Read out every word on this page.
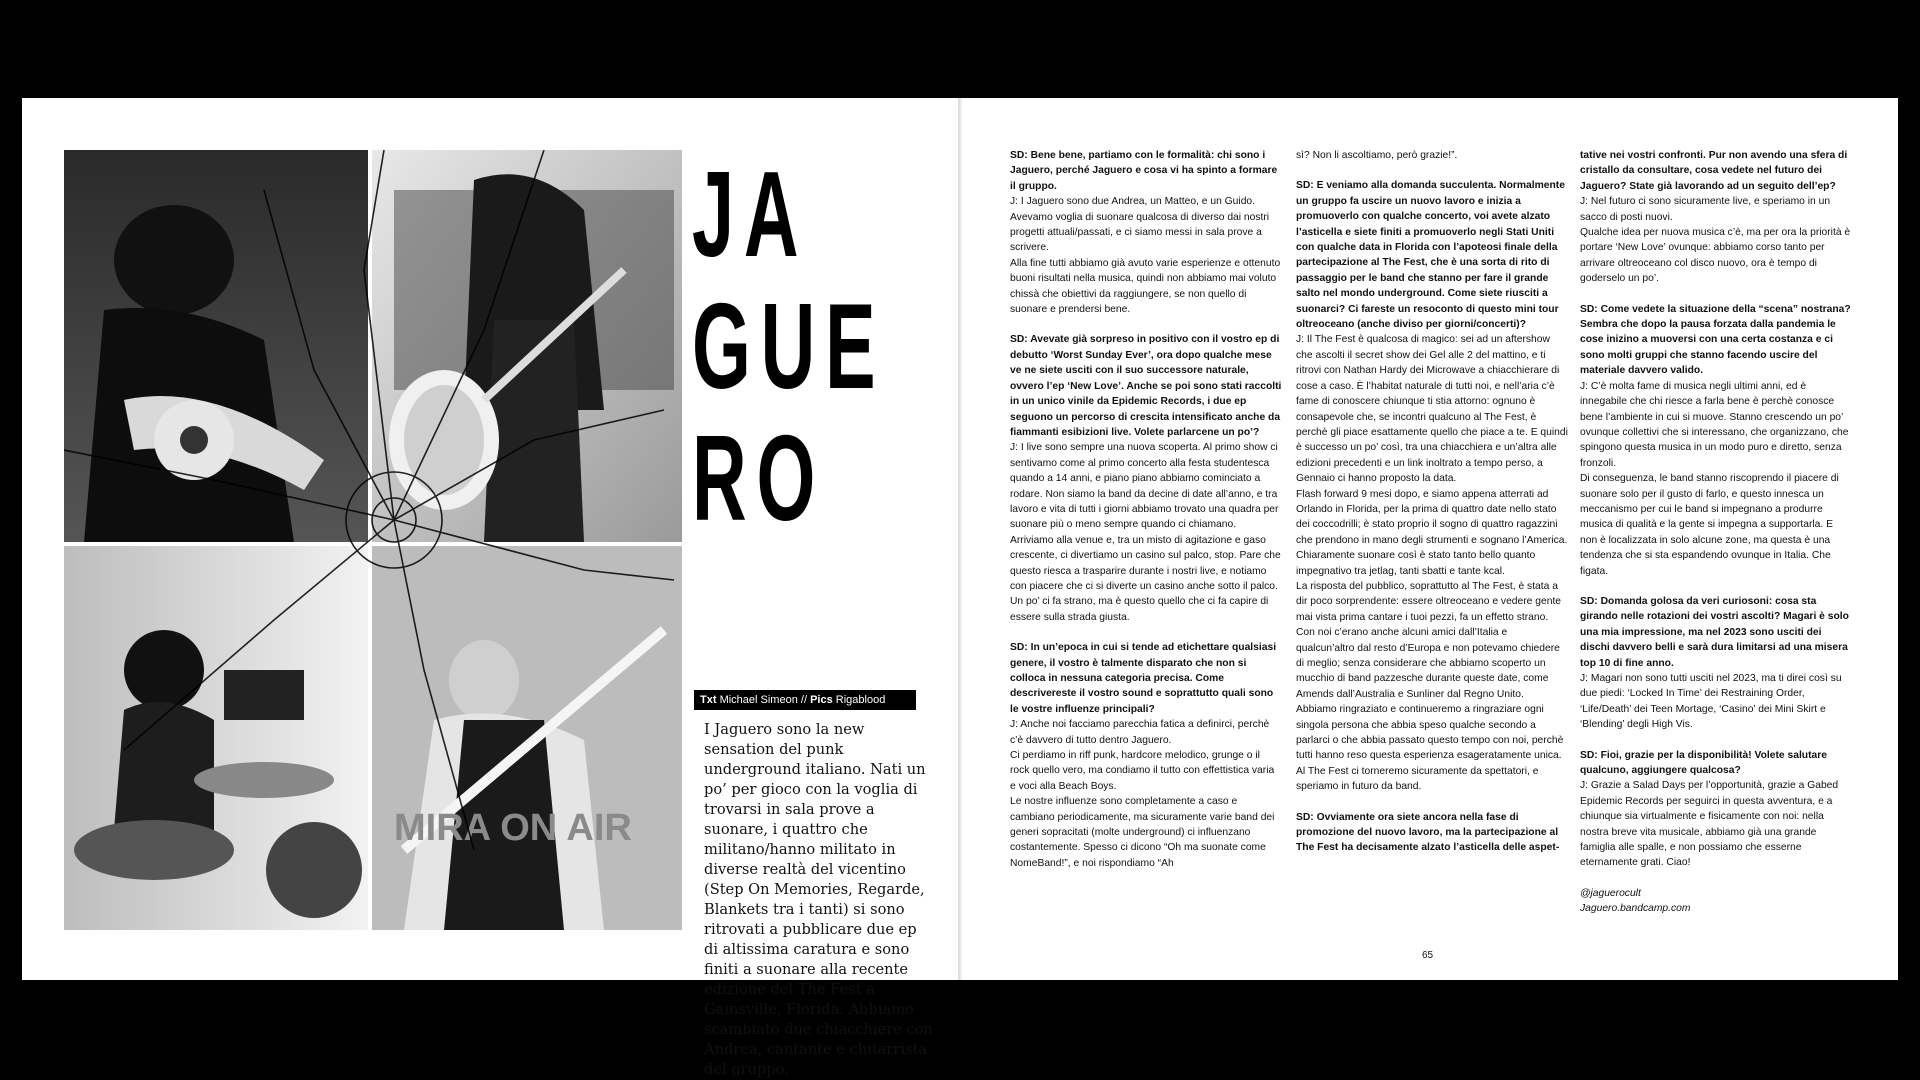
MIRA ON AIR
JA
GUE
RO
Txt Michael Simeon // Pics Rigablood
I Jaguero sono la new sensation del punk underground italiano. Nati un po’ per gioco con la voglia di trovarsi in sala prove a suonare, i quattro che militano/hanno militato in diverse realtà del vicentino (Step On Memories, Regarde, Blankets tra i tanti) si sono ritrovati a pubblicare due ep di altissima caratura e sono finiti a suonare alla recente edizione del The Fest a Gainsville, Florida. Abbiamo scambiato due chiacchiere con Andrea, cantante e chitarrista del gruppo.

SD: Bene bene, partiamo con le formalità: chi sono i Jaguero, perché Jaguero e cosa vi ha spinto a formare il gruppo.

J: I Jaguero sono due Andrea, un Matteo, e un Guido. Avevamo voglia di suonare qualcosa di diverso dai nostri progetti attuali/passati, e ci siamo messi in sala prove a scrivere.

Alla fine tutti abbiamo già avuto varie esperienze e ottenuto buoni risultati nella musica, quindi non abbiamo mai voluto chissà che obiettivi da raggiungere, se non quello di suonare e prendersi bene.

SD: Avevate già sorpreso in positivo con il vostro ep di debutto ‘Worst Sunday Ever’, ora dopo qualche mese ve ne siete usciti con il suo successore naturale, ovvero l’ep ‘New Love’. Anche se poi sono stati raccolti in un unico vinile da Epidemic Records, i due ep seguono un percorso di crescita intensificato anche da fiammanti esibizioni live. Volete parlarcene un po’?

J: I live sono sempre una nuova scoperta. Al primo show ci sentivamo come al primo concerto alla festa studentesca quando a 14 anni, e piano piano abbiamo cominciato a rodare. Non siamo la band da decine di date all’anno, e tra lavoro e vita di tutti i giorni abbiamo trovato una quadra per suonare più o meno sempre quando ci chiamano.

Arriviamo alla venue e, tra un misto di agitazione e gaso crescente, ci divertiamo un casino sul palco, stop. Pare che questo riesca a trasparire durante i nostri live, e notiamo con piacere che ci si diverte un casino anche sotto il palco. Un po’ ci fa strano, ma è questo quello che ci fa capire di essere sulla strada giusta.

SD: In un’epoca in cui si tende ad etichettare qualsiasi genere, il vostro è talmente disparato che non si colloca in nessuna categoria precisa. Come descrivereste il vostro sound e soprattutto quali sono le vostre influenze principali?

J: Anche noi facciamo parecchia fatica a definirci, perchè c’è davvero di tutto dentro Jaguero.

Ci perdiamo in riff punk, hardcore melodico, grunge o il rock quello vero, ma condiamo il tutto con effettistica varia e voci alla Beach Boys.

Le nostre influenze sono completamente a caso e cambiano periodicamente, ma sicuramente varie band dei generi sopracitati (molte underground) ci influenzano costantemente. Spesso ci dicono “Oh ma suonate come NomeBand!”, e noi rispondiamo “Ah

sì? Non li ascoltiamo, però grazie!”.

SD: E veniamo alla domanda succulenta. Normalmente un gruppo fa uscire un nuovo lavoro e inizia a promuoverlo con qualche concerto, voi avete alzato l’asticella e siete finiti a promuoverlo negli Stati Uniti con qualche data in Florida con l’apoteosi finale della partecipazione al The Fest, che è una sorta di rito di passaggio per le band che stanno per fare il grande salto nel mondo underground. Come siete riusciti a suonarci? Ci fareste un resoconto di questo mini tour oltreoceano (anche diviso per giorni/concerti)?

J: Il The Fest è qualcosa di magico: sei ad un aftershow che ascolti il secret show dei Gel alle 2 del mattino, e ti ritrovi con Nathan Hardy dei Microwave a chiacchierare di cose a caso. È l’habitat naturale di tutti noi, e nell’aria c’è fame di conoscere chiunque ti stia attorno: ognuno è consapevole che, se incontri qualcuno al The Fest, è perchè gli piace esattamente quello che piace a te. E quindi è successo un po’ così, tra una chiacchiera e un’altra alle edizioni precedenti e un link inoltrato a tempo perso, a Gennaio ci hanno proposto la data.

Flash forward 9 mesi dopo, e siamo appena atterrati ad Orlando in Florida, per la prima di quattro date nello stato dei coccodrilli; è stato proprio il sogno di quattro ragazzini che prendono in mano degli strumenti e sognano l’America. Chiaramente suonare così è stato tanto bello quanto impegnativo tra jetlag, tanti sbatti e tante kcal.

La risposta del pubblico, soprattutto al The Fest, è stata a dir poco sorprendente: essere oltreoceano e vedere gente mai vista prima cantare i tuoi pezzi, fa un effetto strano. Con noi c’erano anche alcuni amici dall’Italia e qualcun’altro dal resto d’Europa e non potevamo chiedere di meglio; senza considerare che abbiamo scoperto un mucchio di band pazzesche durante queste date, come Amends dall’Australia e Sunliner dal Regno Unito.

Abbiamo ringraziato e continueremo a ringraziare ogni singola persona che abbia speso qualche secondo a parlarci o che abbia passato questo tempo con noi, perchè tutti hanno reso questa esperienza esageratamente unica. Al The Fest ci torneremo sicuramente da spettatori, e speriamo in futuro da band.

SD: Ovviamente ora siete ancora nella fase di promozione del nuovo lavoro, ma la partecipazione al The Fest ha decisamente alzato l’asticella delle aspet-

tative nei vostri confronti. Pur non avendo una sfera di cristallo da consultare, cosa vedete nel futuro dei Jaguero? State già lavorando ad un seguito dell’ep?

J: Nel futuro ci sono sicuramente live, e speriamo in un sacco di posti nuovi.

Qualche idea per nuova musica c’è, ma per ora la priorità è portare ‘New Love’ ovunque: abbiamo corso tanto per arrivare oltreoceano col disco nuovo, ora è tempo di goderselo un po’.

SD: Come vedete la situazione della “scena” nostrana? Sembra che dopo la pausa forzata dalla pandemia le cose inizino a muoversi con una certa costanza e ci sono molti gruppi che stanno facendo uscire del materiale davvero valido.

J: C’è molta fame di musica negli ultimi anni, ed è innegabile che chi riesce a farla bene è perchè conosce bene l’ambiente in cui si muove. Stanno crescendo un po’ ovunque collettivi che si interessano, che organizzano, che spingono questa musica in un modo puro e diretto, senza fronzoli.

Di conseguenza, le band stanno riscoprendo il piacere di suonare solo per il gusto di farlo, e questo innesca un meccanismo per cui le band si impegnano a produrre musica di qualità e la gente si impegna a supportarla. E non è localizzata in solo alcune zone, ma questa è una tendenza che si sta espandendo ovunque in Italia. Che figata.

SD: Domanda golosa da veri curiosoni: cosa sta girando nelle rotazioni dei vostri ascolti? Magari è solo una mia impressione, ma nel 2023 sono usciti dei dischi davvero belli e sarà dura limitarsi ad una misera top 10 di fine anno.

J: Magari non sono tutti usciti nel 2023, ma ti direi così su due piedi: ‘Locked In Time’ dei Restraining Order, ‘Life/Death’ dei Teen Mortage, ‘Casino’ dei Mini Skirt e ‘Blending’ degli High Vis.

SD: Fioi, grazie per la disponibilità! Volete salutare qualcuno, aggiungere qualcosa?

J: Grazie a Salad Days per l’opportunità, grazie a Gabed Epidemic Records per seguirci in questa avventura, e a chiunque sia virtualmente e fisicamente con noi: nella nostra breve vita musicale, abbiamo già una grande famiglia alle spalle, e non possiamo che esserne eternamente grati. Ciao!

@jaguerocult
Jaguero.bandcamp.com
65
